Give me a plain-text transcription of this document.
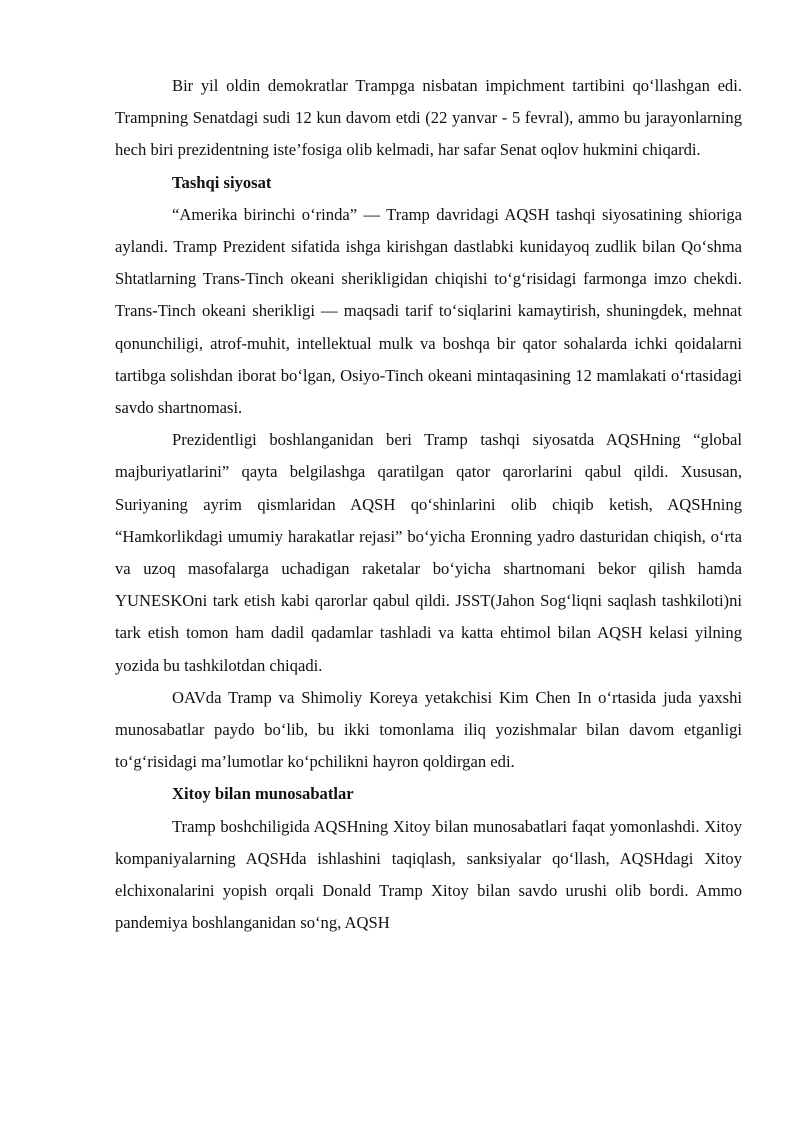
Bir yil oldin demokratlar Trampga nisbatan impichment tartibini qo‘llashgan edi. Trampning Senatdagi sudi 12 kun davom etdi (22 yanvar - 5 fevral), ammo bu jarayonlarning hech biri prezidentning iste’fosiga olib kelmadi, har safar Senat oqlov hukmini chiqardi.

Tashqi siyosat

“Amerika birinchi o‘rinda” — Tramp davridagi AQSH tashqi siyosatining shioriga aylandi. Tramp Prezident sifatida ishga kirishgan dastlabki kunidayoq zudlik bilan Qo‘shma Shtatlarning Trans-Tinch okeani sherikligidan chiqishi to‘g‘risidagi farmonga imzo chekdi. Trans-Tinch okeani sherikligi — maqsadi tarif to‘siqlarini kamaytirish, shuningdek, mehnat qonunchiligi, atrof-muhit, intellektual mulk va boshqa bir qator sohalarda ichki qoidalarni tartibga solishdan iborat bo‘lgan, Osiyo-Tinch okeani mintaqasining 12 mamlakati o‘rtasidagi savdo shartnomasi.

Prezidentligi boshlanganidan beri Tramp tashqi siyosatda AQSHning “global majburiyatlarini” qayta belgilashga qaratilgan qator qarorlarini qabul qildi. Xususan, Suriyaning ayrim qismlaridan AQSH qo‘shinlarini olib chiqib ketish, AQSHning “Hamkorlikdagi umumiy harakatlar rejasi” bo‘yicha Eronning yadro dasturidan chiqish, o‘rta va uzoq masofalarga uchadigan raketalar bo‘yicha shartnomani bekor qilish hamda YUNESKOni tark etish kabi qarorlar qabul qildi. JSST(Jahon Sog‘liqni saqlash tashkiloti)ni tark etish tomon ham dadil qadamlar tashladi va katta ehtimol bilan AQSH kelasi yilning yozida bu tashkilotdan chiqadi.

OAVda Tramp va Shimoliy Koreya yetakchisi Kim Chen In o‘rtasida juda yaxshi munosabatlar paydo bo‘lib, bu ikki tomonlama iliq yozishmalar bilan davom etganligi to‘g‘risidagi ma’lumotlar ko‘pchilikni hayron qoldirgan edi.

Xitoy bilan munosabatlar

Tramp boshchiligida AQSHning Xitoy bilan munosabatlari faqat yomonlashdi. Xitoy kompaniyalarning AQSHda ishlashini taqiqlash, sanksiyalar qo‘llash, AQSHdagi Xitoy elchixonalarini yopish orqali Donald Tramp Xitoy bilan savdo urushi olib bordi. Ammo pandemiya boshlanganidan so‘ng, AQSH
